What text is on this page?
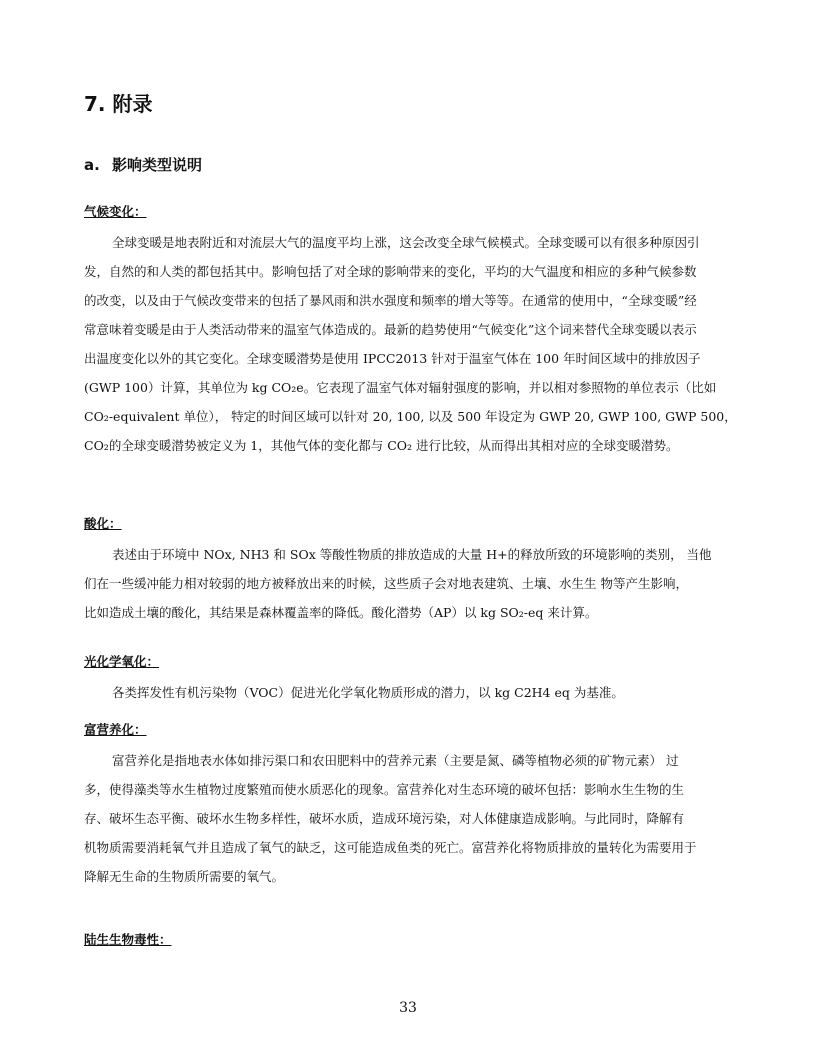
7. 附录
a. 影响类型说明
气候变化：
全球变暖是地表附近和对流层大气的温度平均上涨，这会改变全球气候模式。全球变暖可以有很多种原因引
发，自然的和人类的都包括其中。影响包括了对全球的影响带来的变化，平均的大气温度和相应的多种气候参数
的改变，以及由于气候改变带来的包括了暴风雨和洪水强度和频率的增大等等。在通常的使用中，“全球变暖”经
常意味着变暖是由于人类活动带来的温室气体造成的。最新的趋势使用“气候变化”这个词来替代全球变暖以表示
出温度变化以外的其它变化。全球变暖潜势是使用 IPCC2013 针对于温室气体在 100 年时间区域中的排放因子
(GWP 100）计算，其单位为 kg CO₂e。它表现了温室气体对辐射强度的影响，并以相对参照物的单位表示（比如
CO₂-equivalent 单位）， 特定的时间区域可以针对 20, 100, 以及 500 年设定为 GWP 20, GWP 100, GWP 500，
CO₂的全球变暖潜势被定义为 1，其他气体的变化都与 CO₂ 进行比较，从而得出其相对应的全球变暖潜势。
酸化：
表述由于环境中 NOx, NH3 和 SOx 等酸性物质的排放造成的大量 H+的释放所致的环境影响的类别， 当他
们在一些缓冲能力相对较弱的地方被释放出来的时候，这些质子会对地表建筑、土壤、水生生 物等产生影响，
比如造成土壤的酸化，其结果是森林覆盖率的降低。酸化潜势（AP）以 kg SO₂-eq 来计算。
光化学氧化：
各类挥发性有机污染物（VOC）促进光化学氧化物质形成的潜力，以 kg C2H4 eq 为基准。
富营养化：
富营养化是指地表水体如排污渠口和农田肥料中的营养元素（主要是氮、磷等植物必须的矿物元素） 过
多，使得藻类等水生植物过度繁殖而使水质恶化的现象。富营养化对生态环境的破坏包括：影响水生生物的生
存、破坏生态平衡、破坏水生物多样性，破坏水质，造成环境污染，对人体健康造成影响。与此同时，降解有
机物质需要消耗氧气并且造成了氧气的缺乏，这可能造成鱼类的死亡。富营养化将物质排放的量转化为需要用于
降解无生命的生物质所需要的氧气。
陆生生物毒性：
33
